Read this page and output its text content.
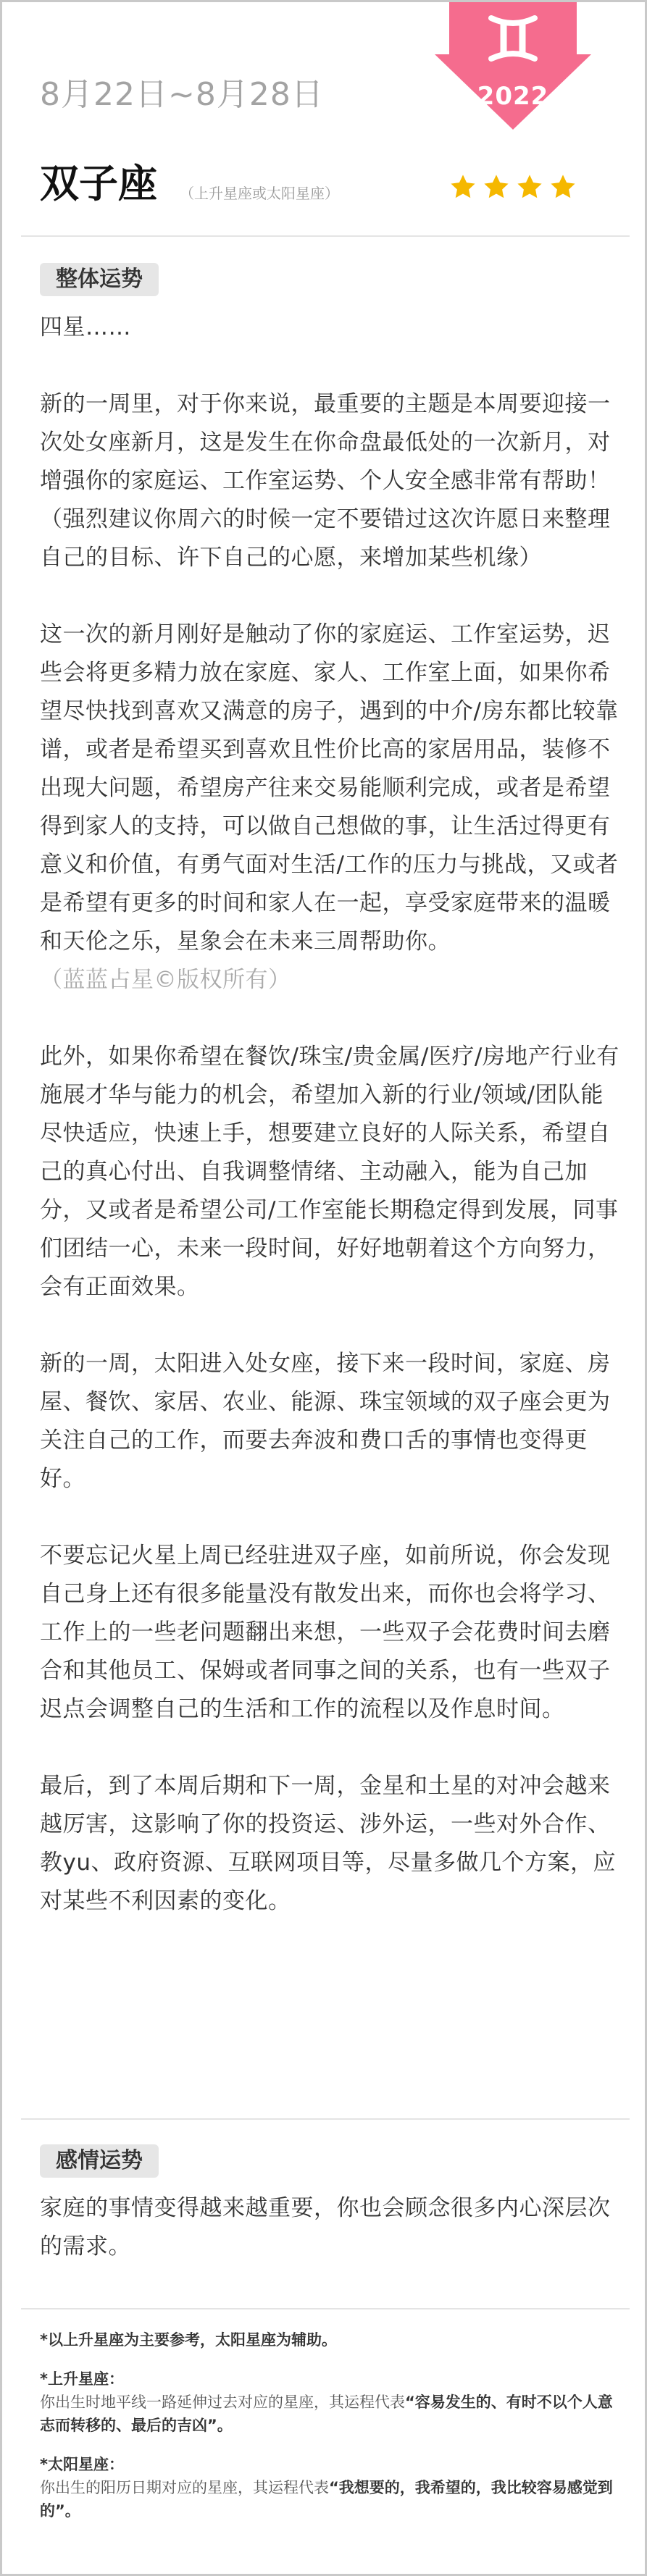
8月22日~8月28日	2022
双子座 （上升星座或太阳星座）
整体运势

四星……

新的一周里，对于你来说，最重要的主题是本周要迎接一次处女座新月，这是发生在你命盘最低处的一次新月，对增强你的家庭运、工作室运势、个人安全感非常有帮助！（强烈建议你周六的时候一定不要错过这次许愿日来整理自己的目标、许下自己的心愿，来增加某些机缘）

这一次的新月刚好是触动了你的家庭运、工作室运势，迟些会将更多精力放在家庭、家人、工作室上面，如果你希望尽快找到喜欢又满意的房子，遇到的中介/房东都比较靠谱，或者是希望买到喜欢且性价比高的家居用品，装修不出现大问题，希望房产往来交易能顺利完成，或者是希望得到家人的支持，可以做自己想做的事，让生活过得更有意义和价值，有勇气面对生活/工作的压力与挑战，又或者是希望有更多的时间和家人在一起，享受家庭带来的温暖和天伦之乐，星象会在未来三周帮助你。

（蓝蓝占星©版权所有）

此外，如果你希望在餐饮/珠宝/贵金属/医疗/房地产行业有施展才华与能力的机会，希望加入新的行业/领域/团队能尽快适应，快速上手，想要建立良好的人际关系，希望自己的真心付出、自我调整情绪、主动融入，能为自己加分，又或者是希望公司/工作室能长期稳定得到发展，同事们团结一心，未来一段时间，好好地朝着这个方向努力，会有正面效果。

新的一周，太阳进入处女座，接下来一段时间，家庭、房屋、餐饮、家居、农业、能源、珠宝领域的双子座会更为关注自己的工作，而要去奔波和费口舌的事情也变得更好。

不要忘记火星上周已经驻进双子座，如前所说，你会发现自己身上还有很多能量没有散发出来，而你也会将学习、工作上的一些老问题翻出来想，一些双子会花费时间去磨合和其他员工、保姆或者同事之间的关系，也有一些双子迟点会调整自己的生活和工作的流程以及作息时间。

最后，到了本周后期和下一周，金星和土星的对冲会越来越厉害，这影响了你的投资运、涉外运，一些对外合作、教yu、政府资源、互联网项目等，尽量多做几个方案，应对某些不利因素的变化。

感情运势

家庭的事情变得越来越重要，你也会顾念很多内心深层次的需求。

*以上升星座为主要参考，太阳星座为辅助。
*上升星座：
你出生时地平线一路延伸过去对应的星座，其运程代表“容易发生的、有时不以个人意志而转移的、最后的吉凶”。
*太阳星座：
你出生的阳历日期对应的星座，其运程代表“我想要的，我希望的，我比较容易感觉到的”。
